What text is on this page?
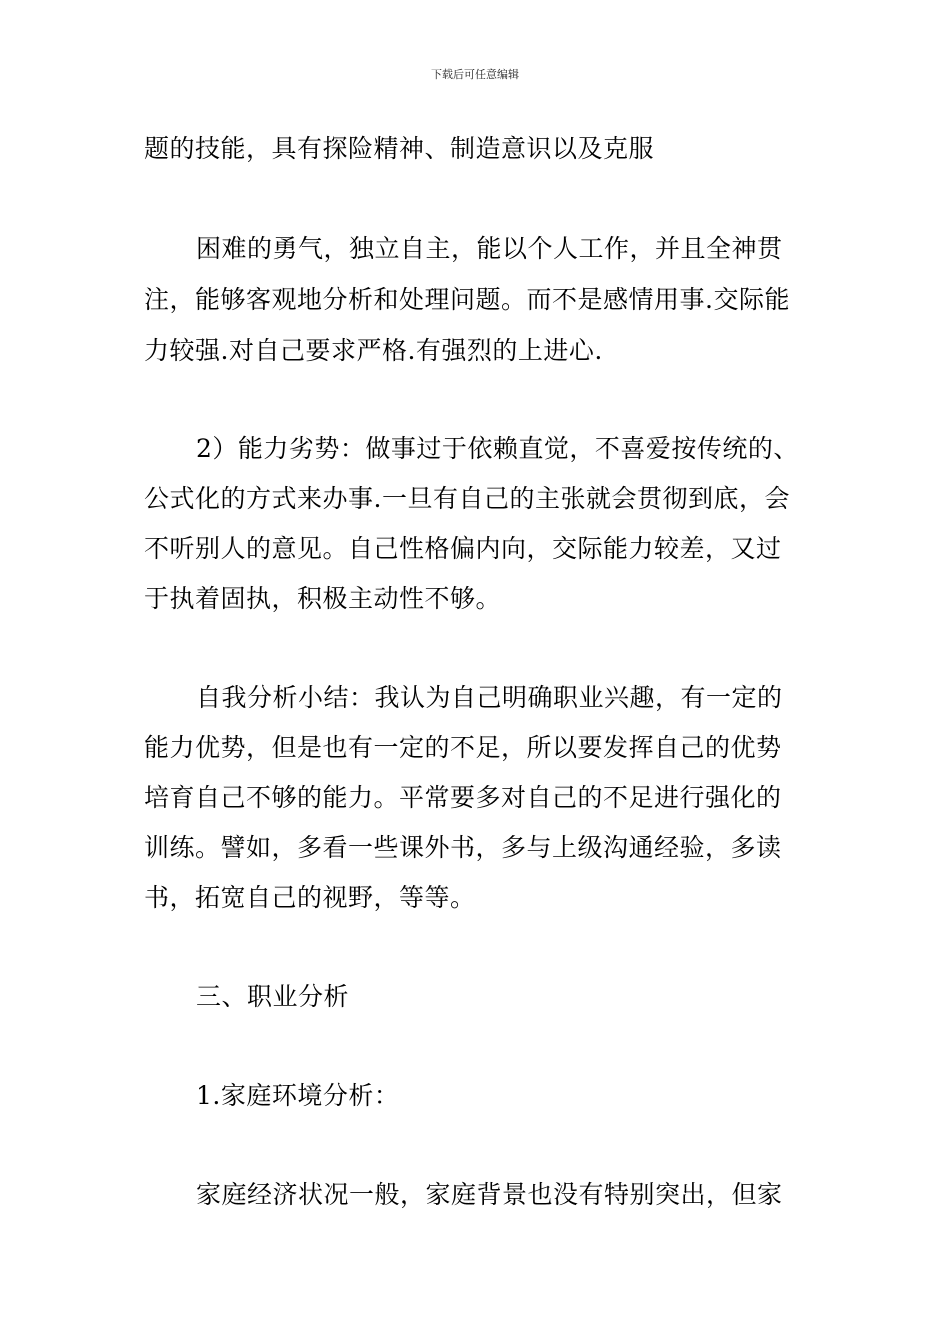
下载后可任意编辑
题的技能，具有探险精神、制造意识以及克服
困难的勇气，独立自主，能以个人工作，并且全神贯
注，能够客观地分析和处理问题。而不是感情用事.交际能
力较强.对自己要求严格.有强烈的上进心.
2）能力劣势：做事过于依赖直觉，不喜爱按传统的、
公式化的方式来办事.一旦有自己的主张就会贯彻到底，会
不听别人的意见。自己性格偏内向，交际能力较差，又过
于执着固执，积极主动性不够。
自我分析小结：我认为自己明确职业兴趣，有一定的
能力优势，但是也有一定的不足，所以要发挥自己的优势
培育自己不够的能力。平常要多对自己的不足进行强化的
训练。譬如，多看一些课外书，多与上级沟通经验，多读
书，拓宽自己的视野，等等。
三、职业分析
1.家庭环境分析：
家庭经济状况一般，家庭背景也没有特别突出，但家
